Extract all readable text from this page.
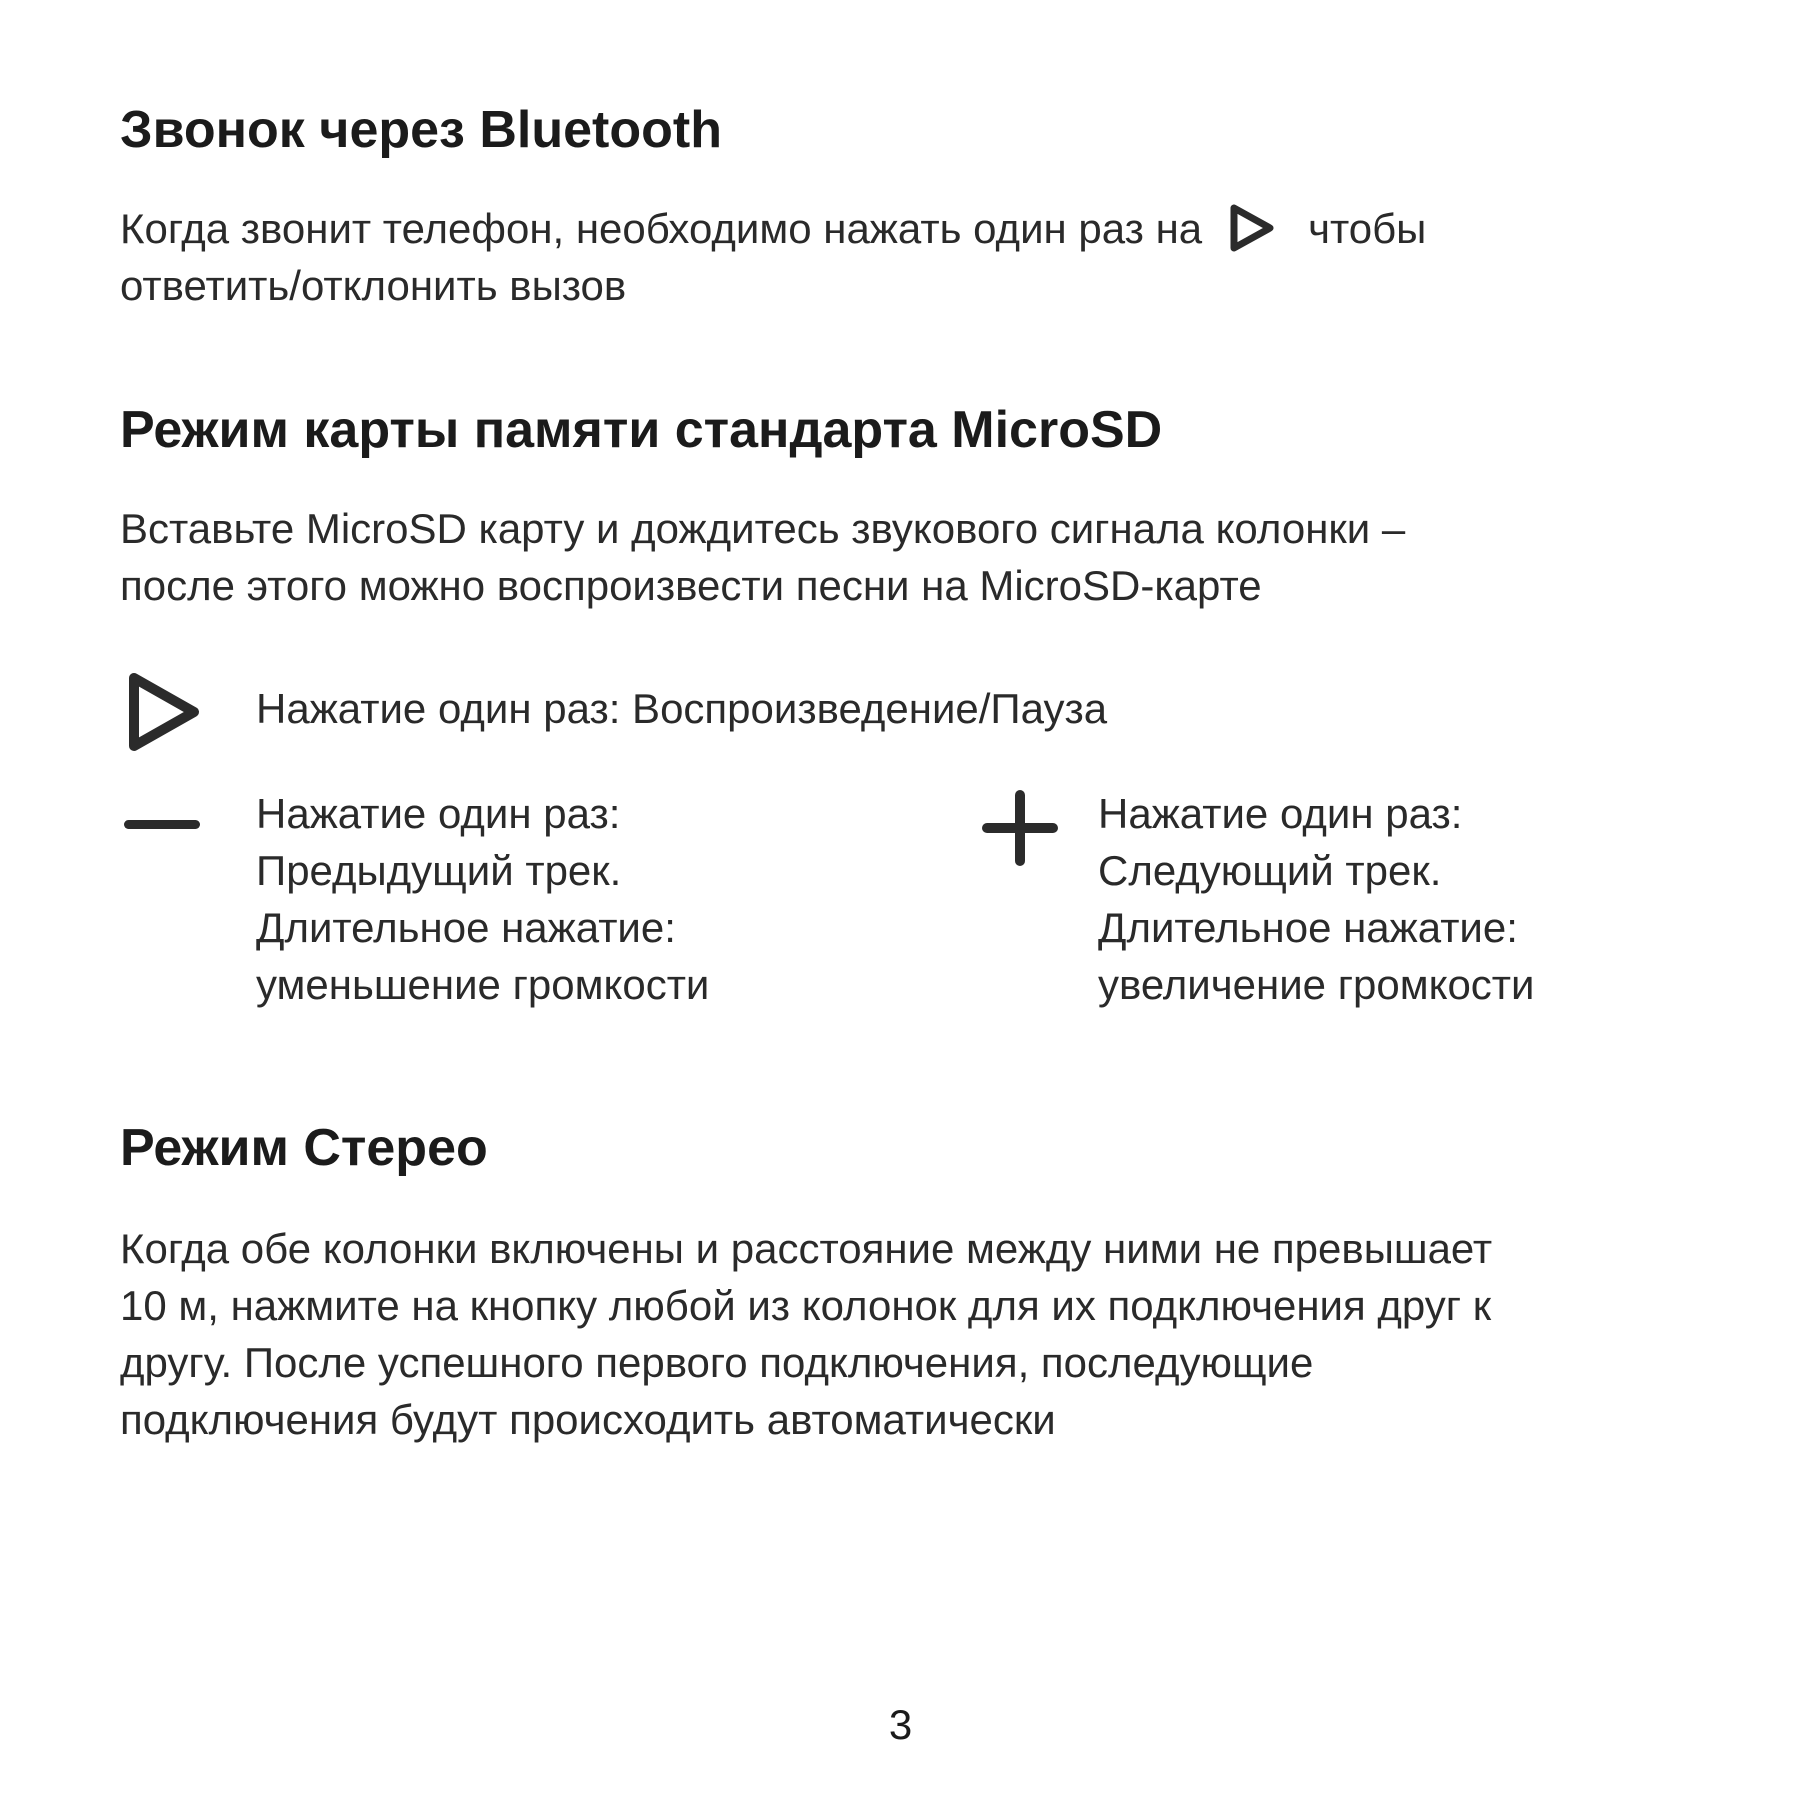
Звонок через Bluetooth

Когда звонит телефон, необходимо нажать один раз на	чтобы

ответить/отклонить вызов

Режим карты памяти стандарта MicroSD

Вставьте MicroSD карту и дождитесь звукового сигнала колонки –

после этого можно воспроизвести песни на MicroSD-карте

Нажатие один раз: Воспроизведение/Пауза

Нажатие один раз:
Предыдущий трек.
Длительное нажатие:
уменьшение громкости
Нажатие один раз:
Следующий трек.
Длительное нажатие:
увеличение громкости
Режим Стерео

Когда обе колонки включены и расстояние между ними не превышает

10 м, нажмите на кнопку любой из колонок для их подключения друг к

другу. После успешного первого подключения, последующие

подключения будут происходить автоматически

3
